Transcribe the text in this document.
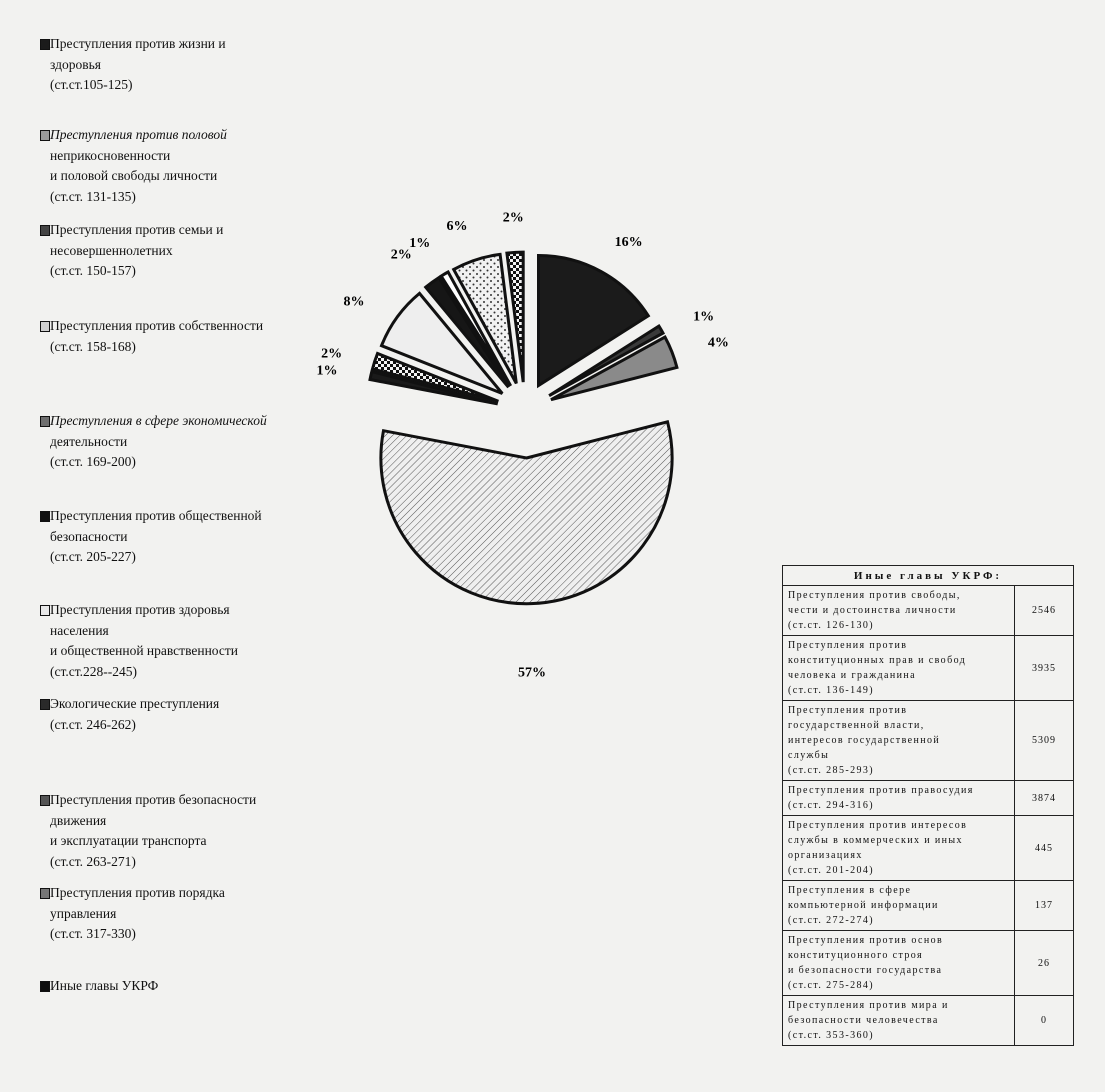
Преступления против жизни и
здоровья
(ст.ст.105-125)
Преступления против половой
неприкосновенности
и половой свободы личности
(ст.ст. 131-135)
Преступления против семьи и
несовершеннолетних
(ст.ст. 150-157)
Преступления против собственности
(ст.ст. 158-168)
Преступления в сфере экономической
деятельности
(ст.ст. 169-200)
Преступления против общественной
безопасности
(ст.ст. 205-227)
Преступления против здоровья
населения
и общественной нравственности
(ст.ст.228--245)
Экологические преступления
(ст.ст. 246-262)
Преступления против безопасности
движения
и эксплуатации транспорта
(ст.ст. 263-271)
Преступления против порядка
управления
(ст.ст. 317-330)
Иные главы УКРФ
16%
1%
4%
57%
1%
2%
8%
2%
1%
6%
2%
Иные главы УКРФ:	

Преступления против свободы,
чести и достоинства личности
(ст.ст. 126-130)	2546

Преступления против
конституционных прав и свобод
человека и гражданина
(ст.ст. 136-149)	3935

Преступления против
государственной власти,
интересов государственной
службы
(ст.ст. 285-293)	5309

Преступления против правосудия
(ст.ст. 294-316)	3874

Преступления против интересов
службы в коммерческих и иных
организациях
(ст.ст. 201-204)	445

Преступления в сфере
компьютерной информации
(ст.ст. 272-274)	137

Преступления против основ
конституционного строя
и безопасности государства
(ст.ст. 275-284)	26

Преступления против мира и
безопасности человечества
(ст.ст. 353-360)	0
